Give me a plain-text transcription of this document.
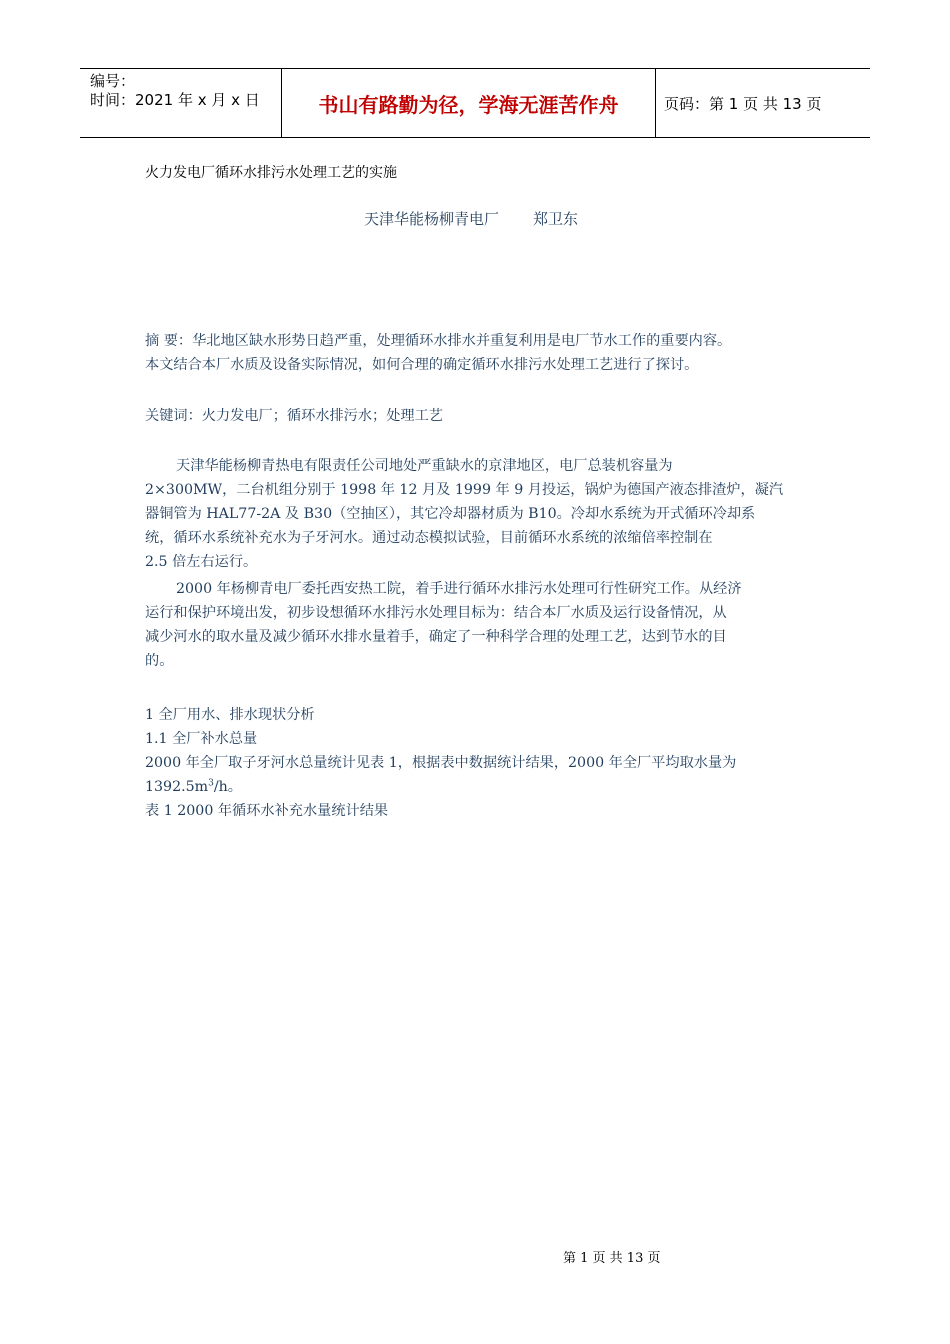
编号：
时间：2021 年 x 月 x 日	书山有路勤为径，学海无涯苦作舟	页码：第 1 页 共 13 页
火力发电厂循环水排污水处理工艺的实施
天津华能杨柳青电厂 郑卫东
摘 要：华北地区缺水形势日趋严重，处理循环水排水并重复利用是电厂节水工作的重要内容。
本文结合本厂水质及设备实际情况，如何合理的确定循环水排污水处理工艺进行了探讨。
关键词：火力发电厂；循环水排污水；处理工艺
天津华能杨柳青热电有限责任公司地处严重缺水的京津地区，电厂总装机容量为
2×300MW，二台机组分别于 1998 年 12 月及 1999 年 9 月投运，锅炉为德国产液态排渣炉，凝汽
器铜管为 HAL77-2A 及 B30（空抽区），其它冷却器材质为 B10。冷却水系统为开式循环冷却系
统，循环水系统补充水为子牙河水。通过动态模拟试验，目前循环水系统的浓缩倍率控制在
2.5 倍左右运行。
2000 年杨柳青电厂委托西安热工院，着手进行循环水排污水处理可行性研究工作。从经济
运行和保护环境出发，初步设想循环水排污水处理目标为：结合本厂水质及运行设备情况，从
减少河水的取水量及减少循环水排水量着手，确定了一种科学合理的处理工艺，达到节水的目
的。
1 全厂用水、排水现状分析
1.1 全厂补水总量
2000 年全厂取子牙河水总量统计见表 1，根据表中数据统计结果，2000 年全厂平均取水量为
$1392.5m^3/h$。
表 1 2000 年循环水补充水量统计结果
第 1 页 共 13 页
